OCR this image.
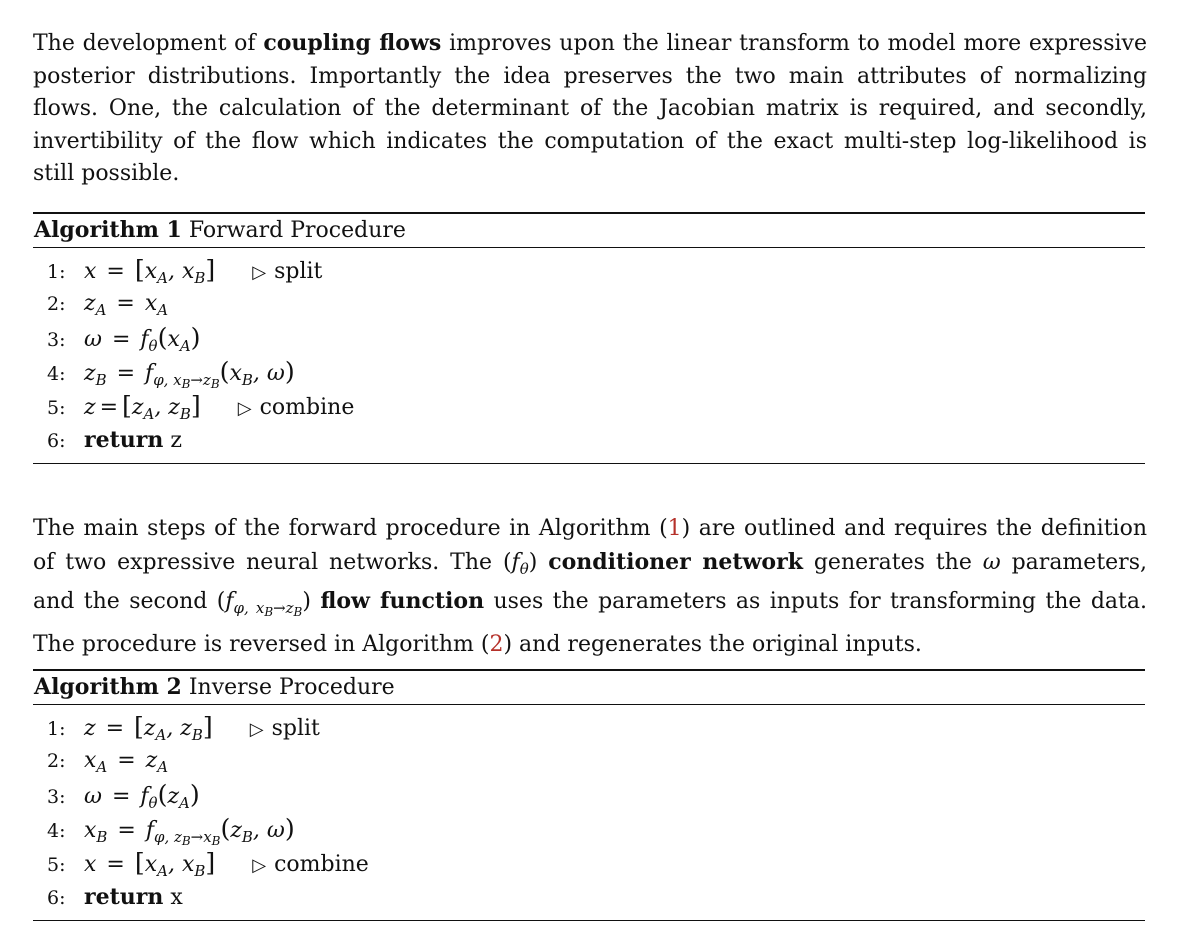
The development of coupling flows improves upon the linear transform to model more expressive posterior distributions. Importantly the idea preserves the two main attributes of normalizing flows. One, the calculation of the determinant of the Jacobian matrix is required, and secondly, invertibility of the flow which indicates the computation of the exact multi-step log-likelihood is still possible.

Algorithm 1 Forward Procedure
1: $x = [x_A$, $x_B$] ▷ split
2: $z_A = x_A$
3: $\omega = f_\theta(x_A)$
4: $z_B = f_{\varphi, xB\to zB}(x_B$, ω)
5: $z = [z_A$, $z_B$] ▷ combine
6: return z

The main steps of the forward procedure in Algorithm (1) are outlined and requires the definition of two expressive neural networks. The $(f_\theta)$ conditioner network generates the ω parameters, and the second $(f_{\varphi, xB\to zB})$ flow function uses the parameters as inputs for transforming the data. The procedure is reversed in Algorithm (2) and regenerates the original inputs.

Algorithm 2 Inverse Procedure
1: $z = [z_A$, $z_B$] ▷ split
2: $x_A = z_A$
3: $\omega = f_\theta(z_A)$
4: $x_B = f_{\varphi, zB\to xB}(z_B$, ω)
5: $x = [x_A$, $x_B$] ▷ combine
6: return x
